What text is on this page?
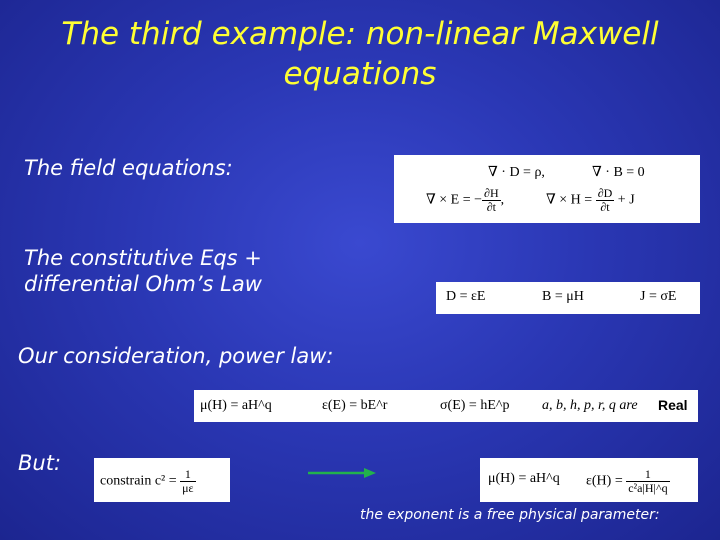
The third example: non-linear Maxwell
equations
The field equations:	∇ · D = ρ,	∇ · B = 0
∇ × E = − $\frac{\partial H}{\partial t}$ ,	∇ × $H = \frac{\partial D}{\partial t} + J$
The constitutive Eqs +
differential Ohm’s Law
D = εE	B = μH	J = σE
Our consideration, power law:
μ(H) = aH^q	ε(E) = bE^r	σ(E) = hE^p a, b, h, p, r, q are Real
But:
constrain $c^2 = \frac{1}{\mu\varepsilon}$	μ(H) = aH^q $\varepsilon(H) = \frac{1}{\text{c²a|H|\textasciicircum{}q}}$
the exponent is a free physical parameter:
